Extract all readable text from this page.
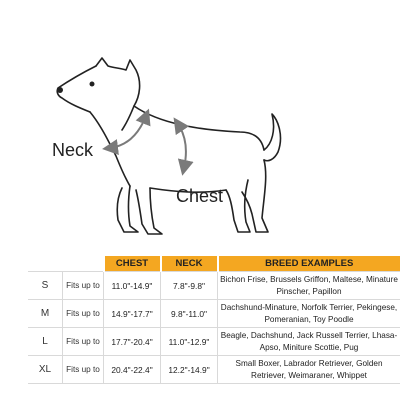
Neck
Chest
		CHEST	NECK	BREED EXAMPLES
S	Fits up to	11.0"-14.9"	7.8"-9.8"	Bichon Frise, Brussels Griffon, Maltese, Minature Pinscher, Papillon
M	Fits up to	14.9"-17.7"	9.8"-11.0"	Dachshund-Minature, Norfolk Terrier, Pekingese, Pomeranian, Toy Poodle
L	Fits up to	17.7"-20.4"	11.0"-12.9"	Beagle, Dachshund, Jack Russell Terrier, Lhasa-Apso, Miniture Scottie, Pug
XL	Fits up to	20.4"-22.4"	12.2"-14.9"	Small Boxer, Labrador Retriever, Golden Retriever, Weimaraner, Whippet
